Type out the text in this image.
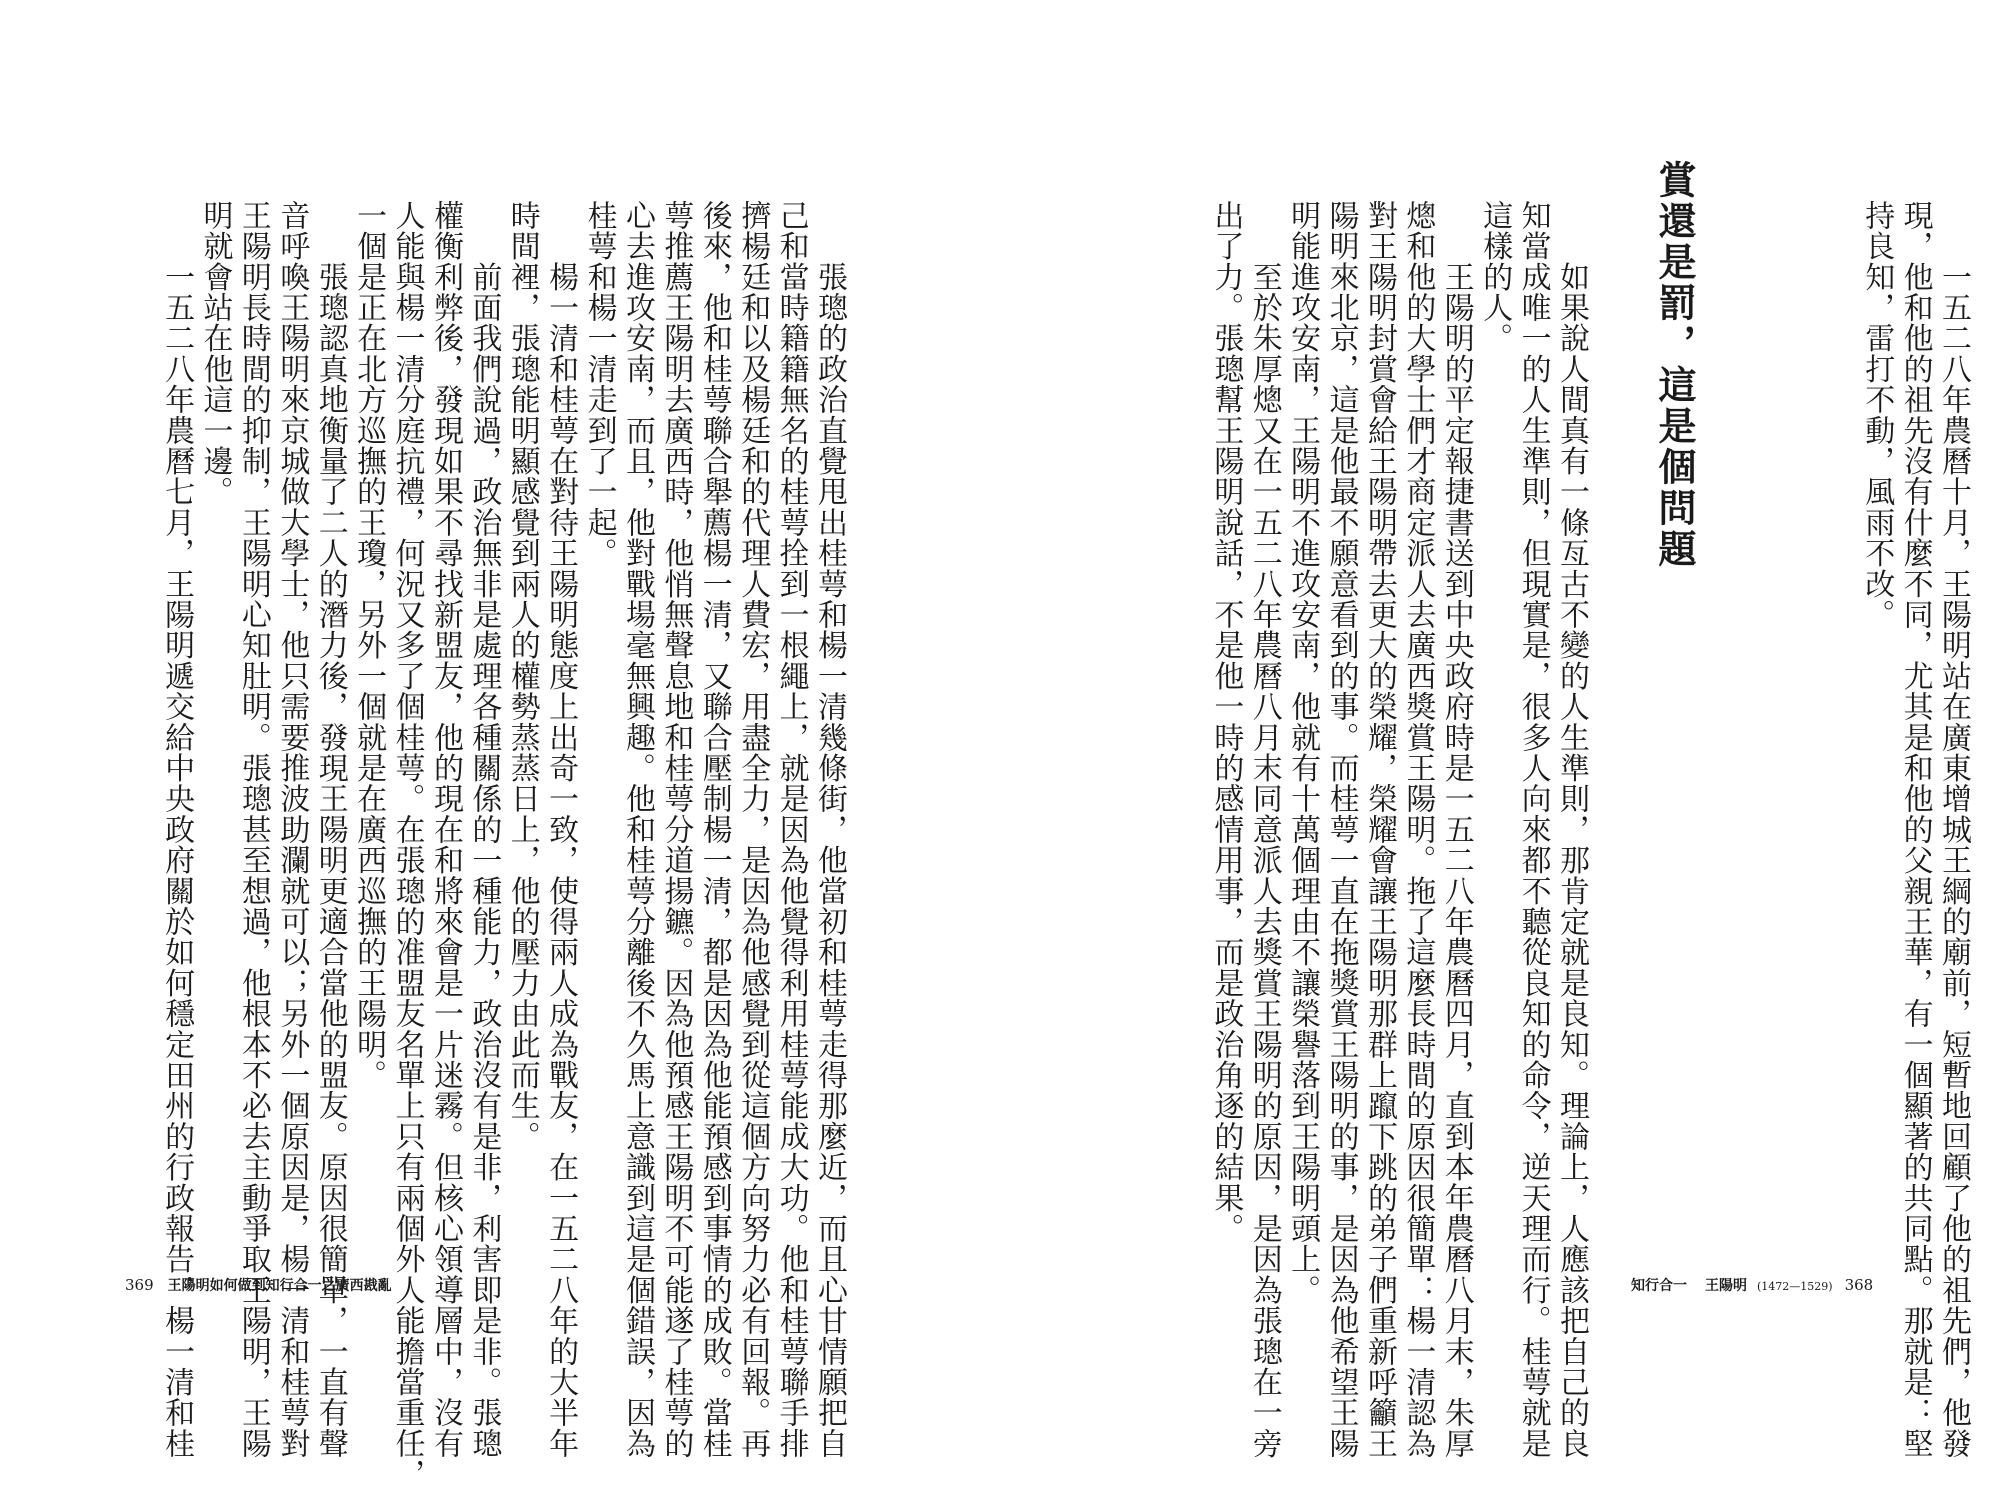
　　一五二八年農曆十月，王陽明站在廣東增城王綱的廟前，短暫地回顧了他的祖先們，他發
現，他和他的祖先沒有什麼不同，尤其是和他的父親王華，有一個顯著的共同點。那就是：堅
持良知，雷打不動，風雨不改。
賞還是罰，這是個問題
　　如果說人間真有一條亙古不變的人生準則，那肯定就是良知。理論上，人應該把自己的良
知當成唯一的人生準則，但現實是，很多人向來都不聽從良知的命令，逆天理而行。桂萼就是
這樣的人。
　　王陽明的平定報捷書送到中央政府時是一五二八年農曆四月，直到本年農曆八月末，朱厚
熜和他的大學士們才商定派人去廣西獎賞王陽明。拖了這麼長時間的原因很簡單：楊一清認為
對王陽明封賞會給王陽明帶去更大的榮耀，榮耀會讓王陽明那群上躥下跳的弟子們重新呼籲王
陽明來北京，這是他最不願意看到的事。而桂萼一直在拖獎賞王陽明的事，是因為他希望王陽
明能進攻安南，王陽明不進攻安南，他就有十萬個理由不讓榮譽落到王陽明頭上。
　　至於朱厚熜又在一五二八年農曆八月末同意派人去獎賞王陽明的原因，是因為張璁在一旁
出了力。張璁幫王陽明說話，不是他一時的感情用事，而是政治角逐的結果。
知行合一 王陽明 (1472—1529) 368
　　張璁的政治直覺甩出桂萼和楊一清幾條街，他當初和桂萼走得那麼近，而且心甘情願把自
己和當時籍籍無名的桂萼拴到一根繩上，就是因為他覺得利用桂萼能成大功。他和桂萼聯手排
擠楊廷和以及楊廷和的代理人費宏，用盡全力，是因為他感覺到從這個方向努力必有回報。再
後來，他和桂萼聯合舉薦楊一清，又聯合壓制楊一清，都是因為他能預感到事情的成敗。當桂
萼推薦王陽明去廣西時，他悄無聲息地和桂萼分道揚鑣。因為他預感王陽明不可能遂了桂萼的
心去進攻安南，而且，他對戰場毫無興趣。他和桂萼分離後不久馬上意識到這是個錯誤，因為
桂萼和楊一清走到了一起。
　　楊一清和桂萼在對待王陽明態度上出奇一致，使得兩人成為戰友，在一五二八年的大半年
時間裡，張璁能明顯感覺到兩人的權勢蒸蒸日上，他的壓力由此而生。
　　前面我們說過，政治無非是處理各種關係的一種能力，政治沒有是非，利害即是非。張璁
權衡利弊後，發現如果不尋找新盟友，他的現在和將來會是一片迷霧。但核心領導層中，沒有
人能與楊一清分庭抗禮，何況又多了個桂萼。在張璁的准盟友名單上只有兩個外人能擔當重任，
一個是正在北方巡撫的王瓊，另外一個就是在廣西巡撫的王陽明。
　　張璁認真地衡量了二人的潛力後，發現王陽明更適合當他的盟友。原因很簡單，一直有聲
音呼喚王陽明來京城做大學士，他只需要推波助瀾就可以；另外一個原因是，楊一清和桂萼對
王陽明長時間的抑制，王陽明心知肚明。張璁甚至想過，他根本不必去主動爭取王陽明，王陽
明就會站在他這一邊。
　　一五二八年農曆七月，王陽明遞交給中央政府關於如何穩定田州的行政報告，楊一清和桂
369 王陽明如何做到知行合一之廣西戡亂
